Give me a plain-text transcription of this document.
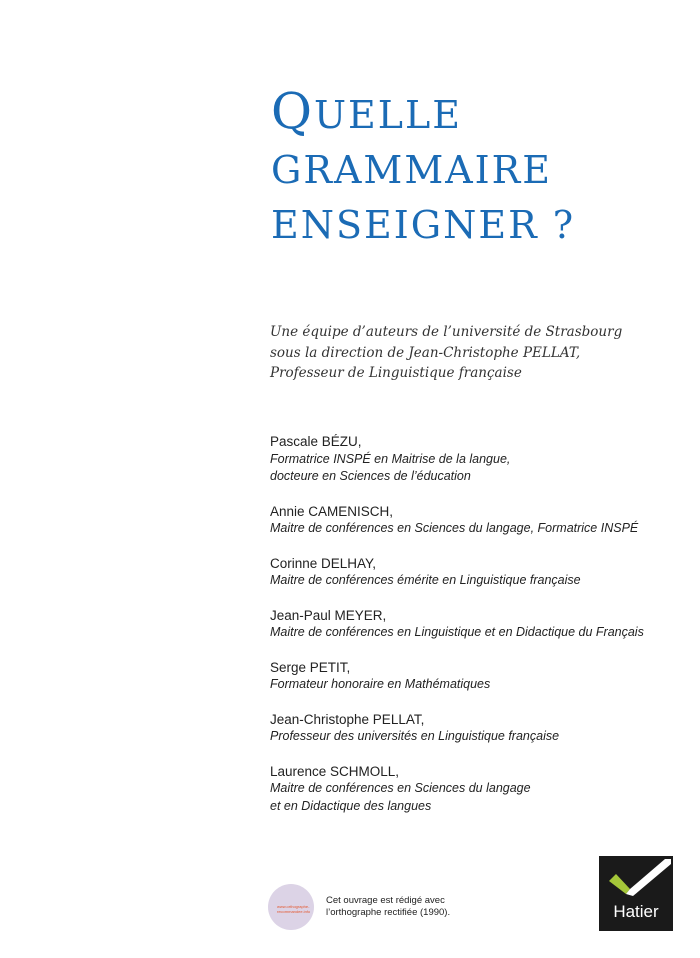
QUELLE
GRAMMAIRE
ENSEIGNER ?
Une équipe d’auteurs de l’université de Strasbourg
sous la direction de Jean-Christophe PELLAT,
Professeur de Linguistique française
Pascale BÉZU,
Formatrice INSPÉ en Maitrise de la langue,
docteure en Sciences de l’éducation
Annie CAMENISCH,
Maitre de conférences en Sciences du langage, Formatrice INSPÉ
Corinne DELHAY,
Maitre de conférences émérite en Linguistique française
Jean-Paul MEYER,
Maitre de conférences en Linguistique et en Didactique du Français
Serge PETIT,
Formateur honoraire en Mathématiques
Jean-Christophe PELLAT,
Professeur des universités en Linguistique française
Laurence SCHMOLL,
Maitre de conférences en Sciences du langage
et en Didactique des langues
www.orthographe-recommandee.info
Cet ouvrage est rédigé avec
l’orthographe rectifiée (1990).	Hatier
